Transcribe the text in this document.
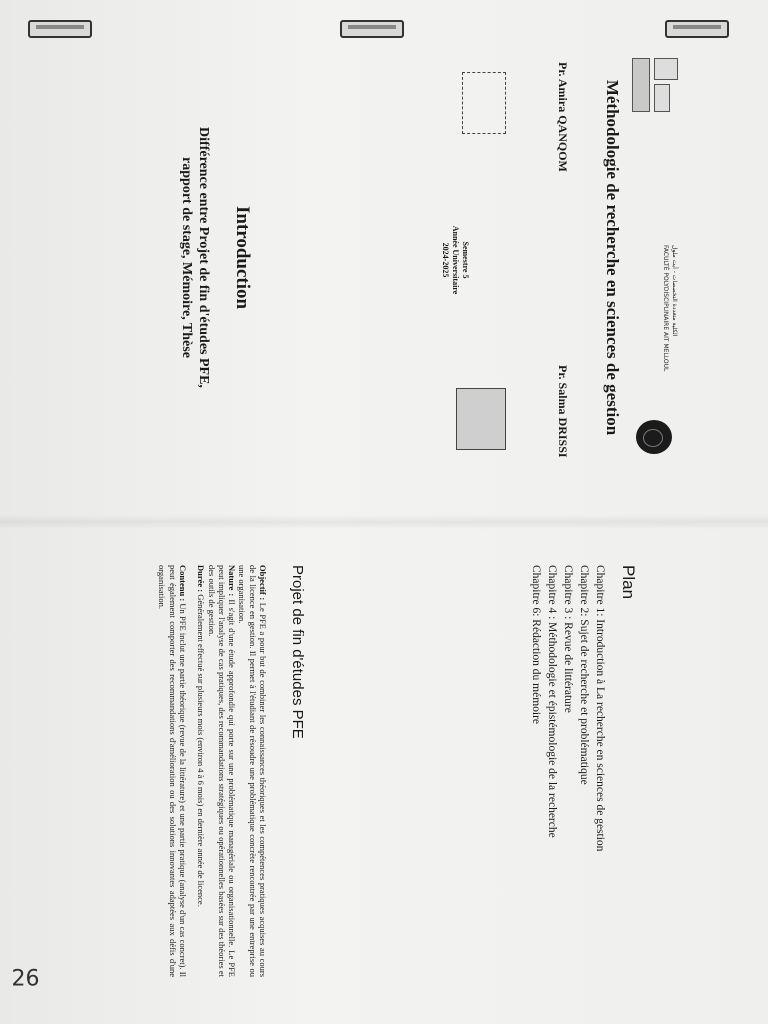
الكلية متعددة التخصصات - أيت ملول
FACULTÉ POLYDISCIPLINAIRE AIT MELLOUL
Méthodologie de recherche en sciences de gestion
Pr. Amira QANQOM
Pr. Salma DRISSI
Semestre 5
Année Universitaire
2024-2025
Introduction
Différence entre Projet de fin d'études PFE, rapport de stage, Mémoire, Thèse
Plan
Chapitre 1: Introduction à La recherche en sciences de gestion
Chapitre 2: Sujet de recherche et problématique
Chapitre 3 : Revue de littérature
Chapitre 4 : Méthodologie et épistémologie de la recherche
Chapitre 6: Rédaction du mémoire
Projet de fin d'études PFE

Objectif : Le PFE a pour but de combiner les connaissances théoriques et les compétences pratiques acquises au cours de la licence en gestion. Il permet à l'étudiant de résoudre une problématique concrète rencontrée par une entreprise ou une organisation.

Nature : Il s'agit d'une étude approfondie qui porte sur une problématique managériale ou organisationnelle. Le PFE peut impliquer l'analyse de cas pratiques, des recommandations stratégiques ou opérationnelles basées sur des théories et des outils de gestion.

Durée : Généralement effectué sur plusieurs mois (environ 4 à 6 mois) en dernière année de licence.

Contenu : Un PFE inclut une partie théorique (revue de la littérature) et une partie pratique (analyse d'un cas concret). Il peut également comporter des recommandations d'amélioration ou des solutions innovantes adaptées aux défis d'une organisation.

26
